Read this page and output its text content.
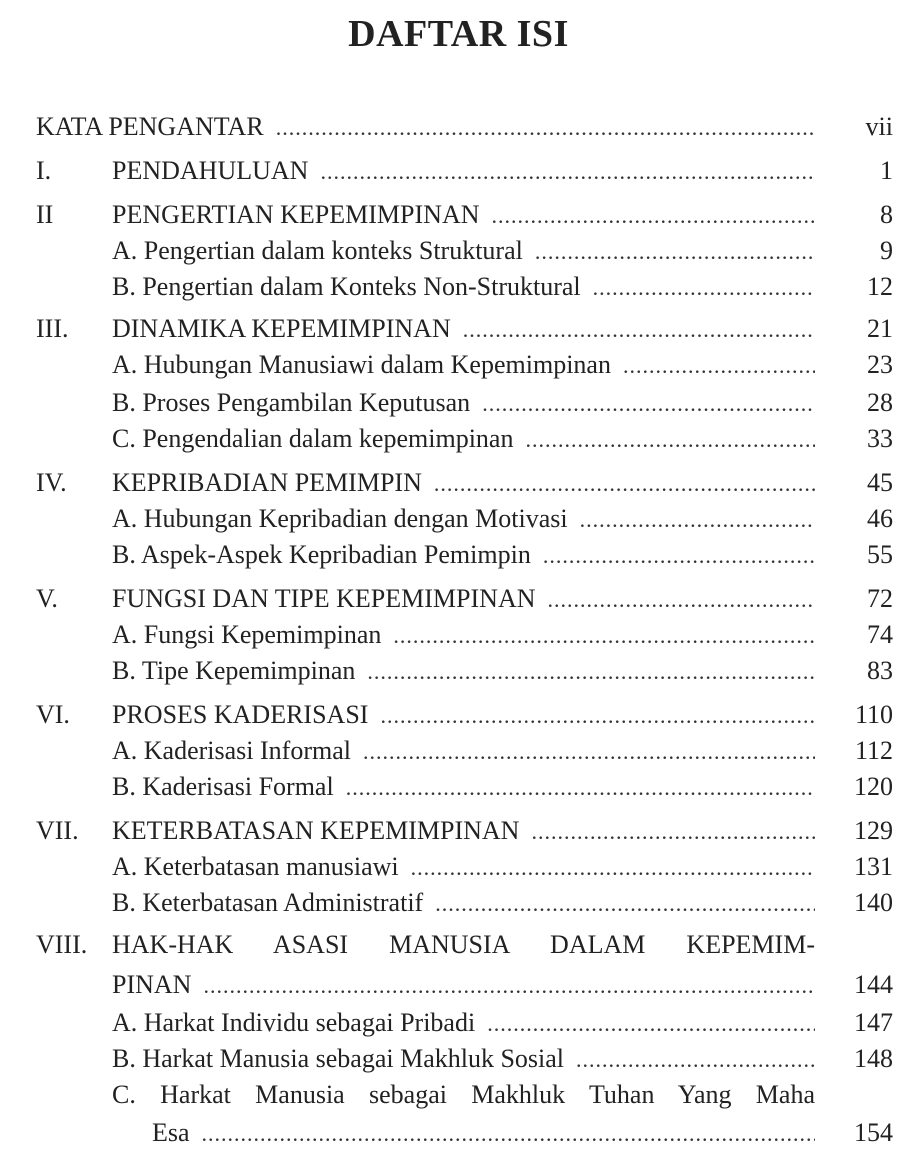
DAFTAR ISI
KATA PENGANTAR .....	vii
I. PENDAHULUAN .....	1
II PENGERTIAN KEPEMIMPINAN .....	8
A. Pengertian dalam konteks Struktural .....	9
B. Pengertian dalam Konteks Non-Struktural .....	12
III. DINAMIKA KEPEMIMPINAN .....	21
A. Hubungan Manusiawi dalam Kepemimpinan .....	23
B. Proses Pengambilan Keputusan .....	28
C. Pengendalian dalam kepemimpinan .....	33
IV. KEPRIBADIAN PEMIMPIN .....	45
A. Hubungan Kepribadian dengan Motivasi .....	46
B. Aspek-Aspek Kepribadian Pemimpin .....	55
V. FUNGSI DAN TIPE KEPEMIMPINAN .....	72
A. Fungsi Kepemimpinan .....	74
B. Tipe Kepemimpinan .....	83
VI. PROSES KADERISASI .....	110
A. Kaderisasi Informal .....	112
B. Kaderisasi Formal .....	120
VII. KETERBATASAN KEPEMIMPINAN .....	129
A. Keterbatasan manusiawi .....	131
B. Keterbatasan Administratif .....	140
VIII. HAK-HAK ASASI MANUSIA DALAM KEPEMIM-
PINAN .....	144
A. Harkat Individu sebagai Pribadi .....	147
B. Harkat Manusia sebagai Makhluk Sosial .....	148
C. Harkat Manusia sebagai Makhluk Tuhan Yang Maha
Esa .....	154
